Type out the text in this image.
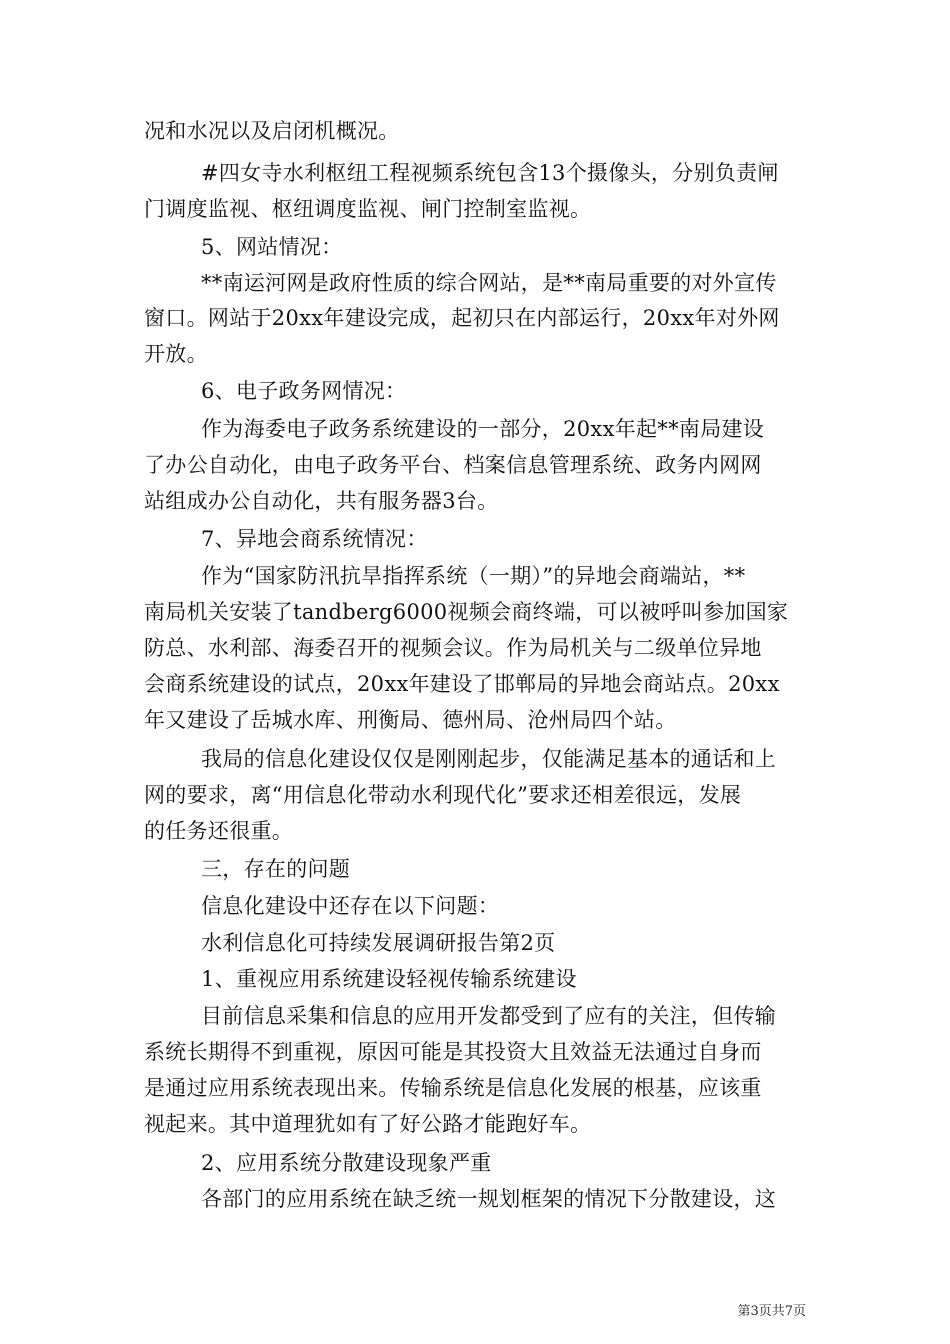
况和水况以及启闭机概况。
#四女寺水利枢纽工程视频系统包含13个摄像头，分别负责闸
门调度监视、枢纽调度监视、闸门控制室监视。
5、网站情况：
**南运河网是政府性质的综合网站，是**南局重要的对外宣传
窗口。网站于20xx年建设完成，起初只在内部运行，20xx年对外网
开放。
6、电子政务网情况：
作为海委电子政务系统建设的一部分，20xx年起**南局建设
了办公自动化，由电子政务平台、档案信息管理系统、政务内网网
站组成办公自动化，共有服务器3台。
7、异地会商系统情况：
作为“国家防汛抗旱指挥系统（一期）”的异地会商端站，**
南局机关安装了tandberg6000视频会商终端，可以被呼叫参加国家
防总、水利部、海委召开的视频会议。作为局机关与二级单位异地
会商系统建设的试点，20xx年建设了邯郸局的异地会商站点。20xx
年又建设了岳城水库、刑衡局、德州局、沧州局四个站。
我局的信息化建设仅仅是刚刚起步，仅能满足基本的通话和上
网的要求，离“用信息化带动水利现代化”要求还相差很远，发展
的任务还很重。
三，存在的问题
信息化建设中还存在以下问题：
水利信息化可持续发展调研报告第2页
1、重视应用系统建设轻视传输系统建设
目前信息采集和信息的应用开发都受到了应有的关注，但传输
系统长期得不到重视，原因可能是其投资大且效益无法通过自身而
是通过应用系统表现出来。传输系统是信息化发展的根基，应该重
视起来。其中道理犹如有了好公路才能跑好车。
2、应用系统分散建设现象严重
各部门的应用系统在缺乏统一规划框架的情况下分散建设，这
第3页共7页
